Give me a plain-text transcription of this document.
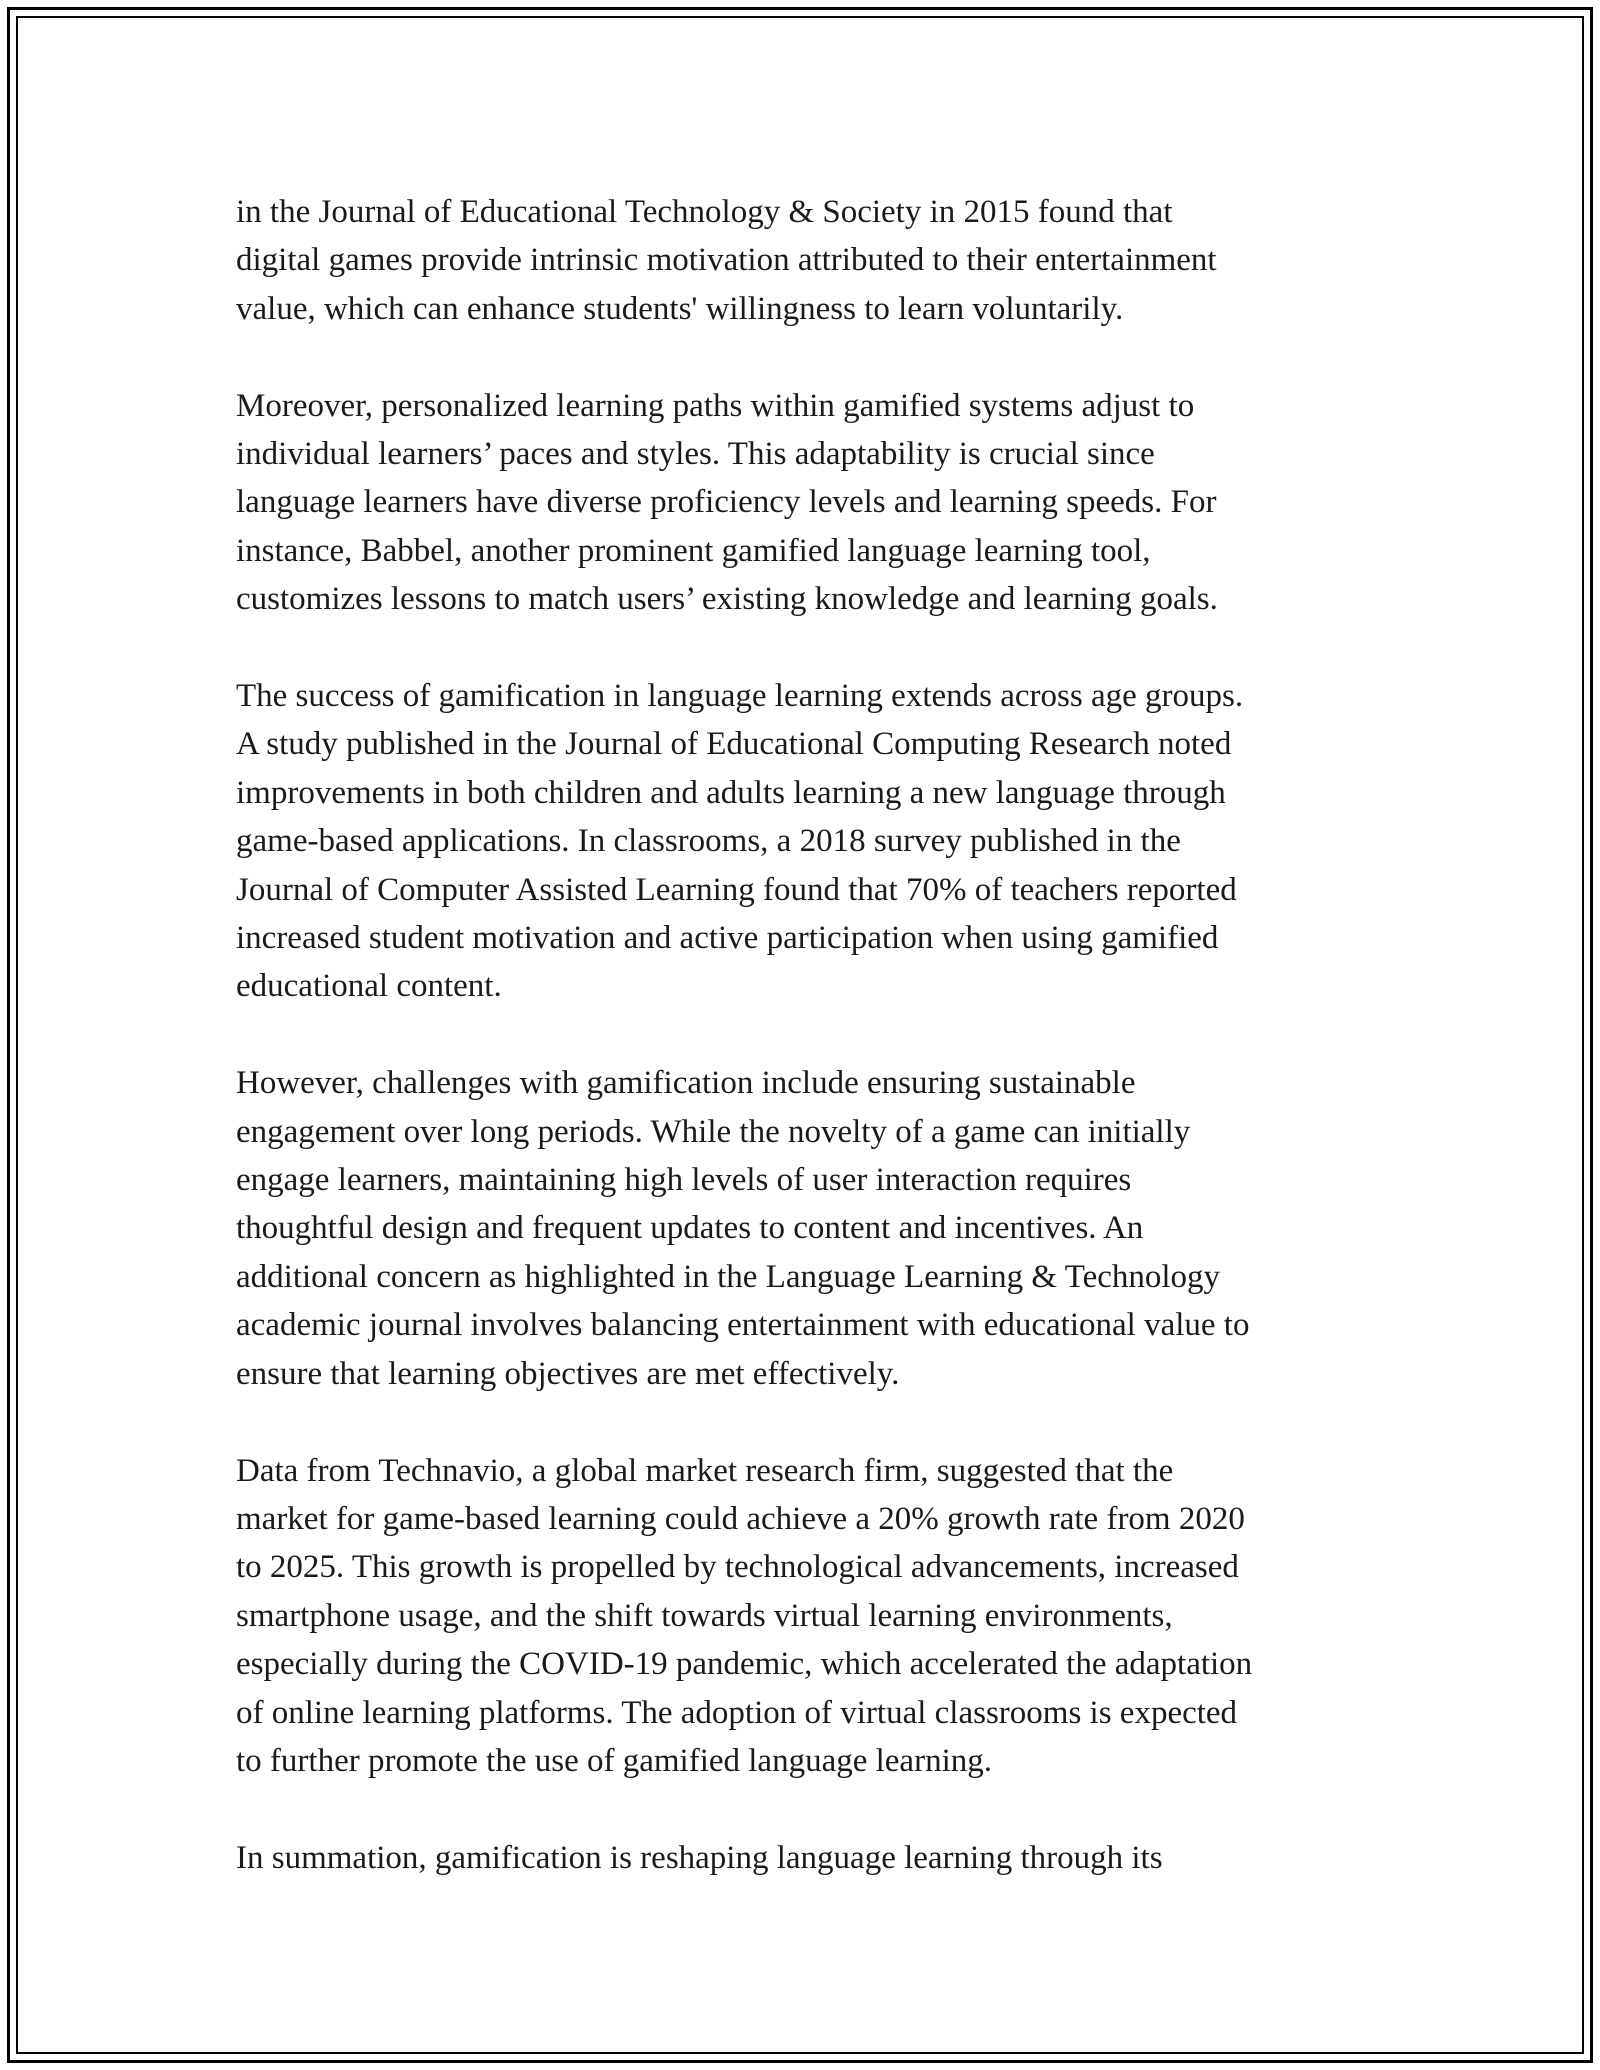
in the Journal of Educational Technology & Society in 2015 found that
digital games provide intrinsic motivation attributed to their entertainment
value, which can enhance students' willingness to learn voluntarily.

Moreover, personalized learning paths within gamified systems adjust to
individual learners’ paces and styles. This adaptability is crucial since
language learners have diverse proficiency levels and learning speeds. For
instance, Babbel, another prominent gamified language learning tool,
customizes lessons to match users’ existing knowledge and learning goals.

The success of gamification in language learning extends across age groups.
A study published in the Journal of Educational Computing Research noted
improvements in both children and adults learning a new language through
game-based applications. In classrooms, a 2018 survey published in the
Journal of Computer Assisted Learning found that 70% of teachers reported
increased student motivation and active participation when using gamified
educational content.

However, challenges with gamification include ensuring sustainable
engagement over long periods. While the novelty of a game can initially
engage learners, maintaining high levels of user interaction requires
thoughtful design and frequent updates to content and incentives. An
additional concern as highlighted in the Language Learning & Technology
academic journal involves balancing entertainment with educational value to
ensure that learning objectives are met effectively.

Data from Technavio, a global market research firm, suggested that the
market for game-based learning could achieve a 20% growth rate from 2020
to 2025. This growth is propelled by technological advancements, increased
smartphone usage, and the shift towards virtual learning environments,
especially during the COVID-19 pandemic, which accelerated the adaptation
of online learning platforms. The adoption of virtual classrooms is expected
to further promote the use of gamified language learning.

In summation, gamification is reshaping language learning through its
